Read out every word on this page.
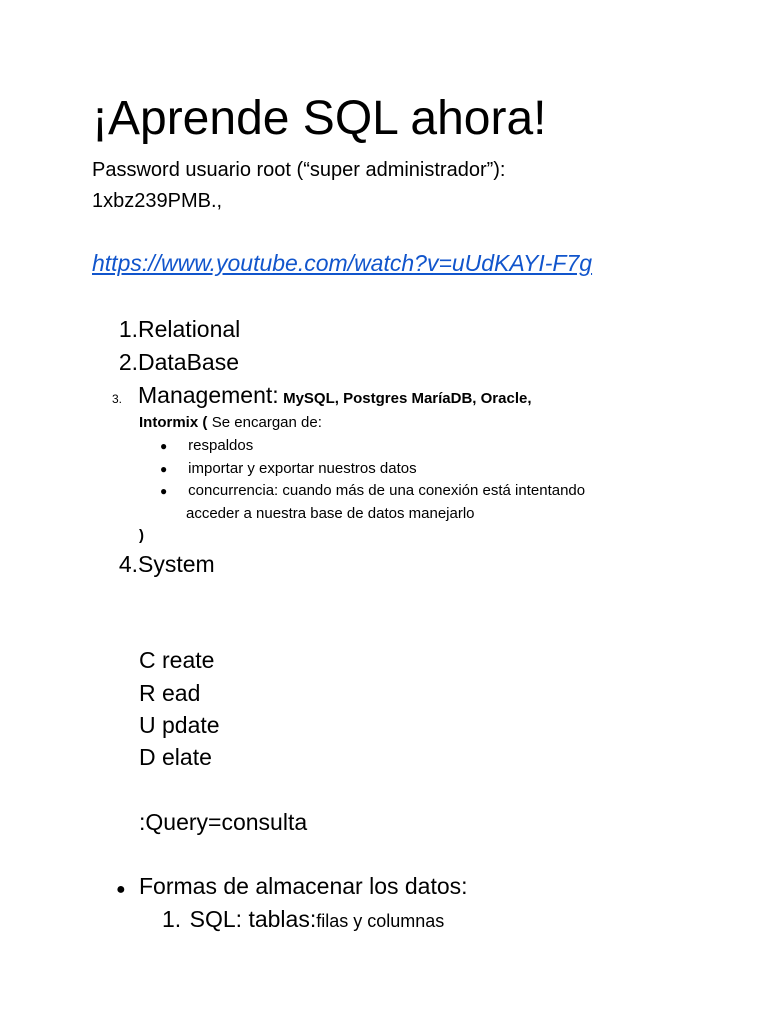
¡Aprende SQL ahora!
Password usuario root (“super administrador”):
1xbz239PMB.,
https://www.youtube.com/watch?v=uUdKAYI-F7g
1.Relational
2.DataBase
3. Management: MySQL, Postgres MaríaDB, Oracle,
Intormix ( Se encargan de:
● respaldos
● importar y exportar nuestros datos
● concurrencia: cuando más de una conexión está intentando
acceder a nuestra base de datos manejarlo
)
4.System
C reate
R ead
U pdate
D elate
:Query=consulta
● Formas de almacenar los datos:
1. SQL: tablas:filas y columnas
